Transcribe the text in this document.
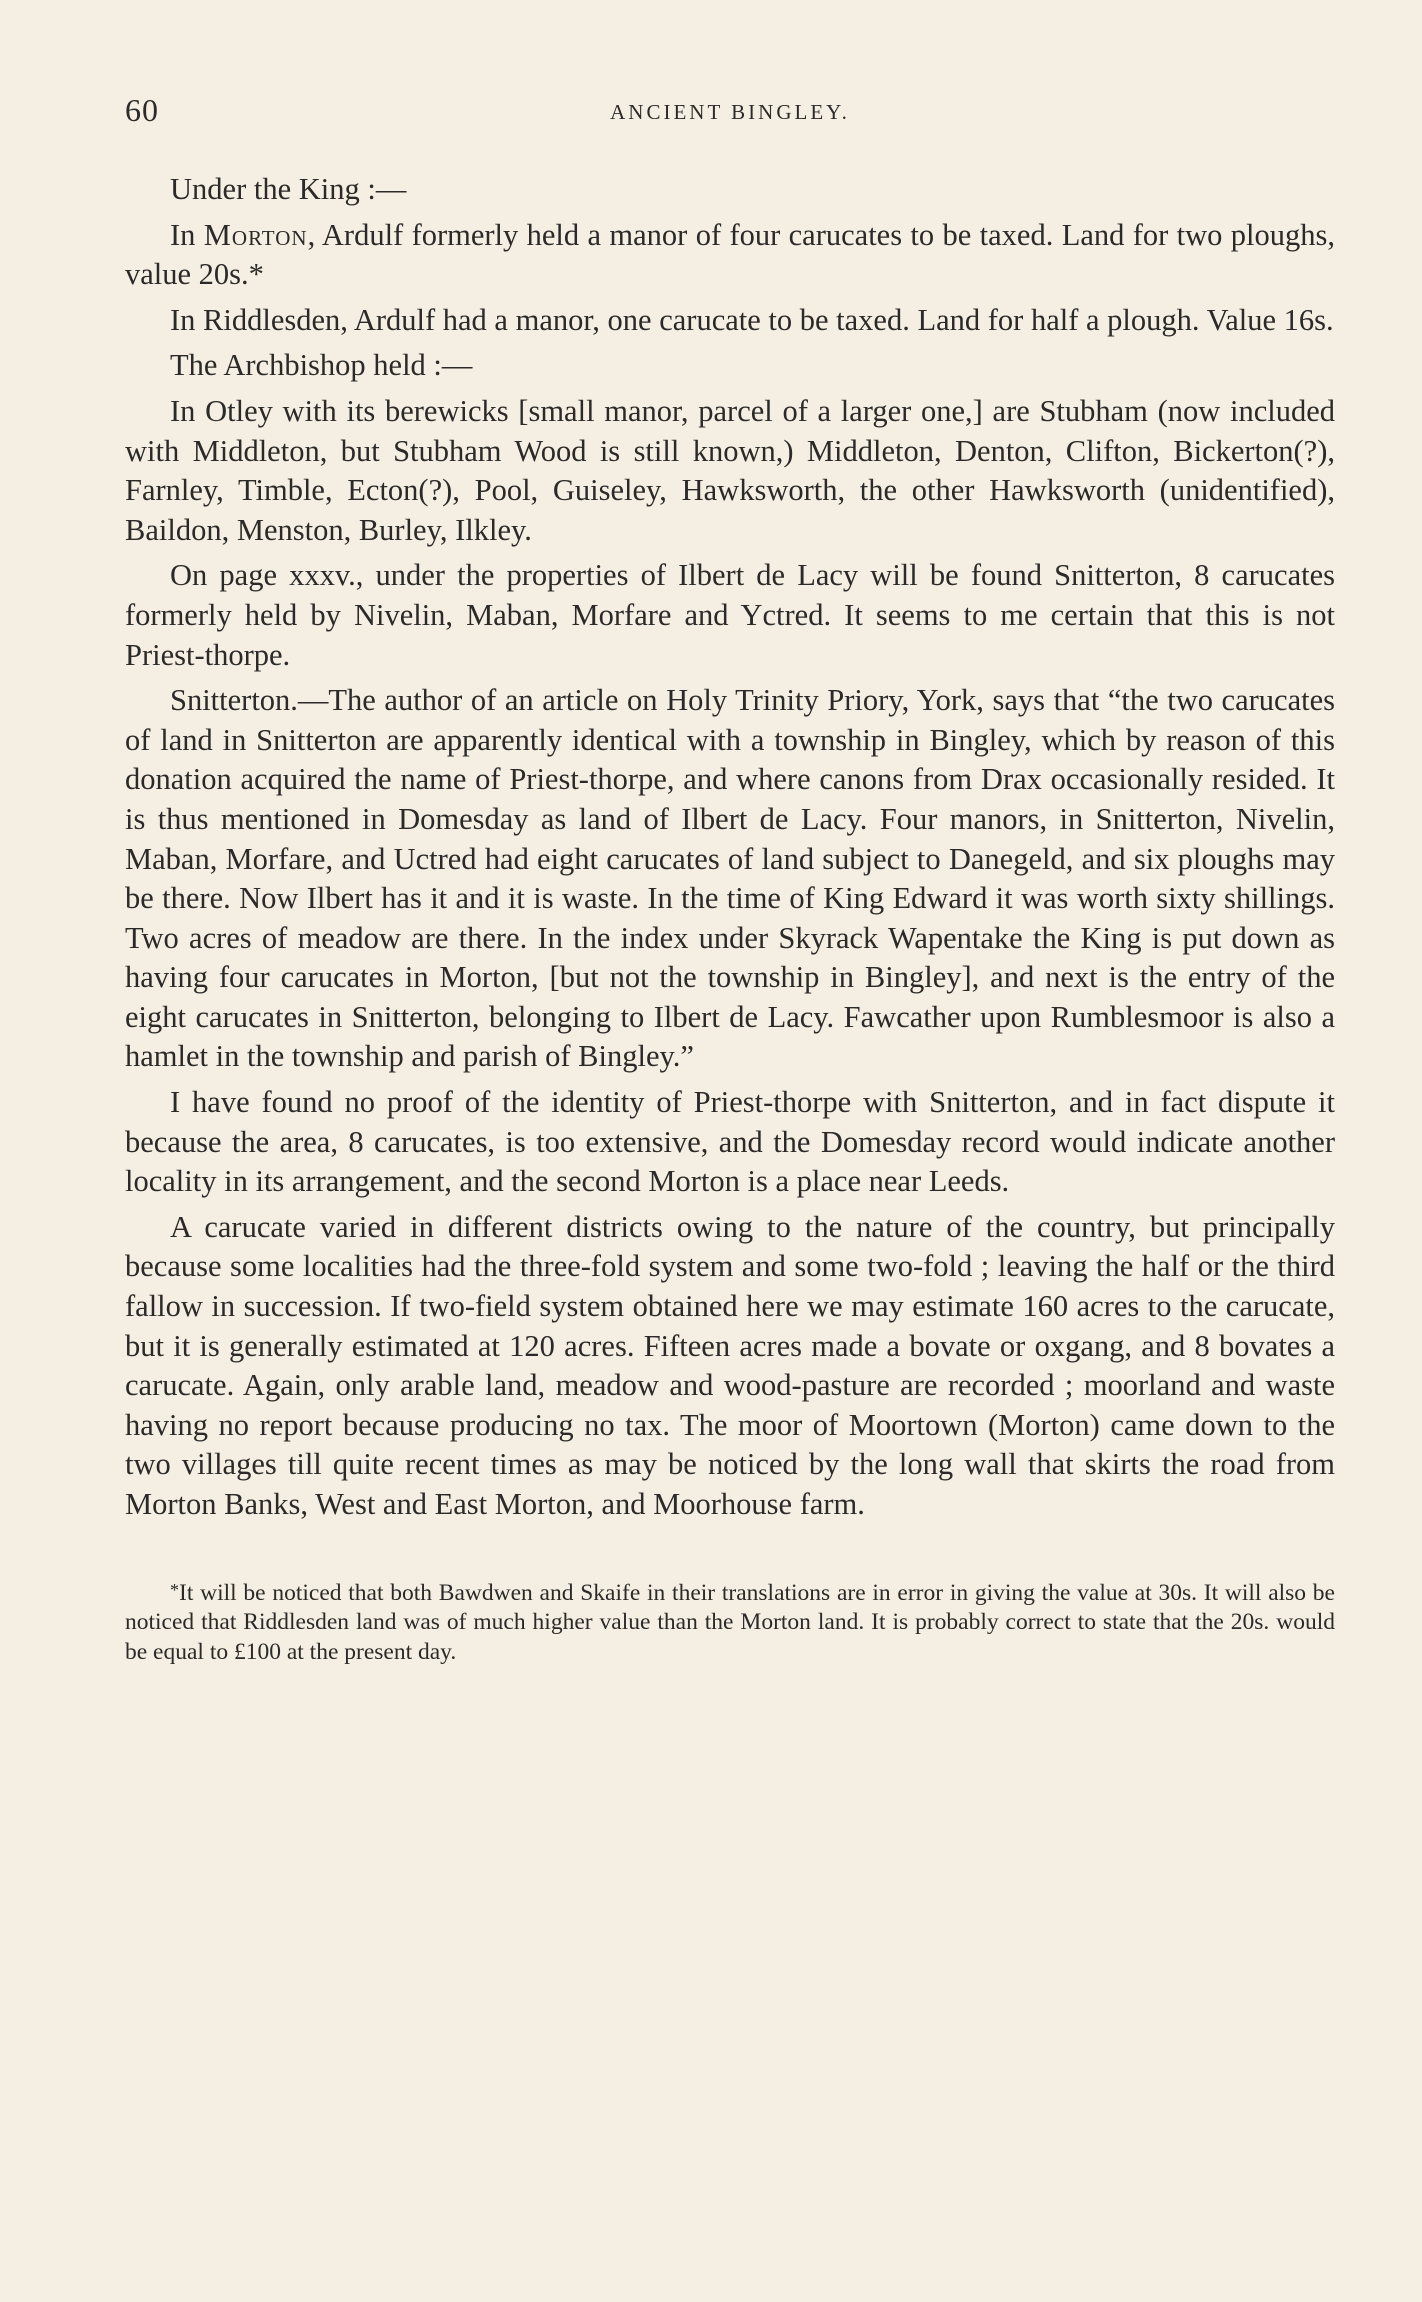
60	ANCIENT BINGLEY.

Under the King :—

In Morton, Ardulf formerly held a manor of four carucates to be taxed. Land for two ploughs, value 20s.*

In Riddlesden, Ardulf had a manor, one carucate to be taxed. Land for half a plough. Value 16s.

The Archbishop held :—

In Otley with its berewicks [small manor, parcel of a larger one,] are Stubham (now included with Middleton, but Stubham Wood is still known,) Middleton, Denton, Clifton, Bickerton(?), Farnley, Timble, Ecton(?), Pool, Guiseley, Hawksworth, the other Hawksworth (unidentified), Baildon, Menston, Burley, Ilkley.

On page xxxv., under the properties of Ilbert de Lacy will be found Snitterton, 8 carucates formerly held by Nivelin, Maban, Morfare and Yctred. It seems to me certain that this is not Priest-thorpe.

Snitterton.—The author of an article on Holy Trinity Priory, York, says that “the two carucates of land in Snitterton are apparently identical with a township in Bingley, which by reason of this donation acquired the name of Priest-thorpe, and where canons from Drax occasionally resided. It is thus mentioned in Domesday as land of Ilbert de Lacy. Four manors, in Snitterton, Nivelin, Maban, Morfare, and Uctred had eight carucates of land subject to Danegeld, and six ploughs may be there. Now Ilbert has it and it is waste. In the time of King Edward it was worth sixty shillings. Two acres of meadow are there. In the index under Skyrack Wapentake the King is put down as having four carucates in Morton, [but not the township in Bingley], and next is the entry of the eight carucates in Snitterton, belonging to Ilbert de Lacy. Fawcather upon Rumblesmoor is also a hamlet in the township and parish of Bingley.”

I have found no proof of the identity of Priest-thorpe with Snitterton, and in fact dispute it because the area, 8 carucates, is too extensive, and the Domesday record would indicate another locality in its arrangement, and the second Morton is a place near Leeds.

A carucate varied in different districts owing to the nature of the country, but principally because some localities had the three-fold system and some two-fold ; leaving the half or the third fallow in succession. If two-field system obtained here we may estimate 160 acres to the carucate, but it is generally estimated at 120 acres. Fifteen acres made a bovate or oxgang, and 8 bovates a carucate. Again, only arable land, meadow and wood-pasture are recorded ; moorland and waste having no report because producing no tax. The moor of Moortown (Morton) came down to the two villages till quite recent times as may be noticed by the long wall that skirts the road from Morton Banks, West and East Morton, and Moorhouse farm.

*It will be noticed that both Bawdwen and Skaife in their translations are in error in giving the value at 30s. It will also be noticed that Riddlesden land was of much higher value than the Morton land. It is probably correct to state that the 20s. would be equal to £100 at the present day.
